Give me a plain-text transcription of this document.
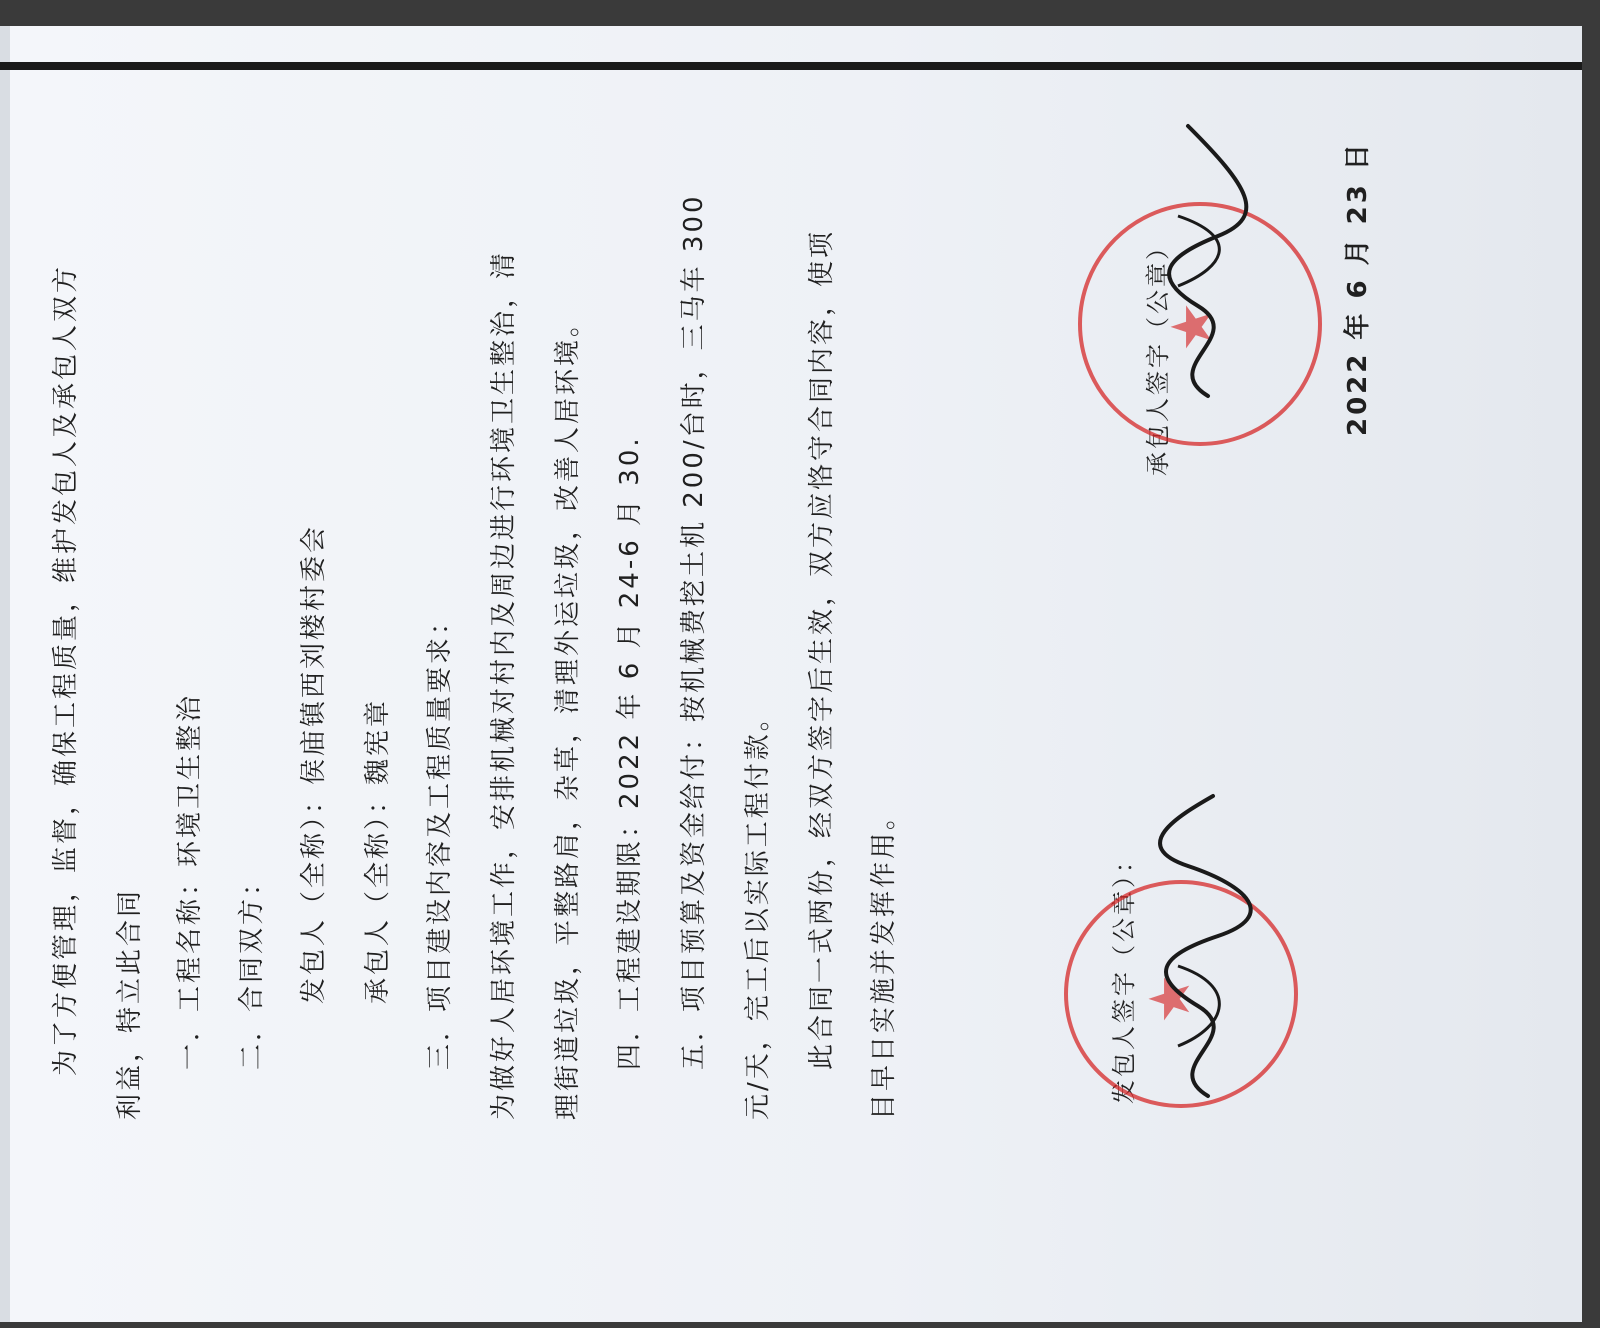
为了方便管理，监督，确保工程质量，维护发包人及承包人双方 利益，特立此合同 一．工程名称：环境卫生整治 二．合同双方： 发包人（全称）：侯庙镇西刘楼村委会 承包人（全称）：魏宪章 三．项目建设内容及工程质量要求： 为做好人居环境工作，安排机械对村内及周边进行环境卫生整治，清 理街道垃圾，平整路肩，杂草，清理外运垃圾，改善人居环境。 四．工程建设期限：2022 年 6 月 24-6 月 30. 五．项目预算及资金给付：按机械费挖土机 200/台时，三马车 300 元/天，完工后以实际工程付款。 此合同一式两份，经双方签字后生效，双方应恪守合同内容，使项 目早日实施并发挥作用。	发包人签字（公章）： ★
承包人签字（公章）
★	2022 年 6 月 23 日
